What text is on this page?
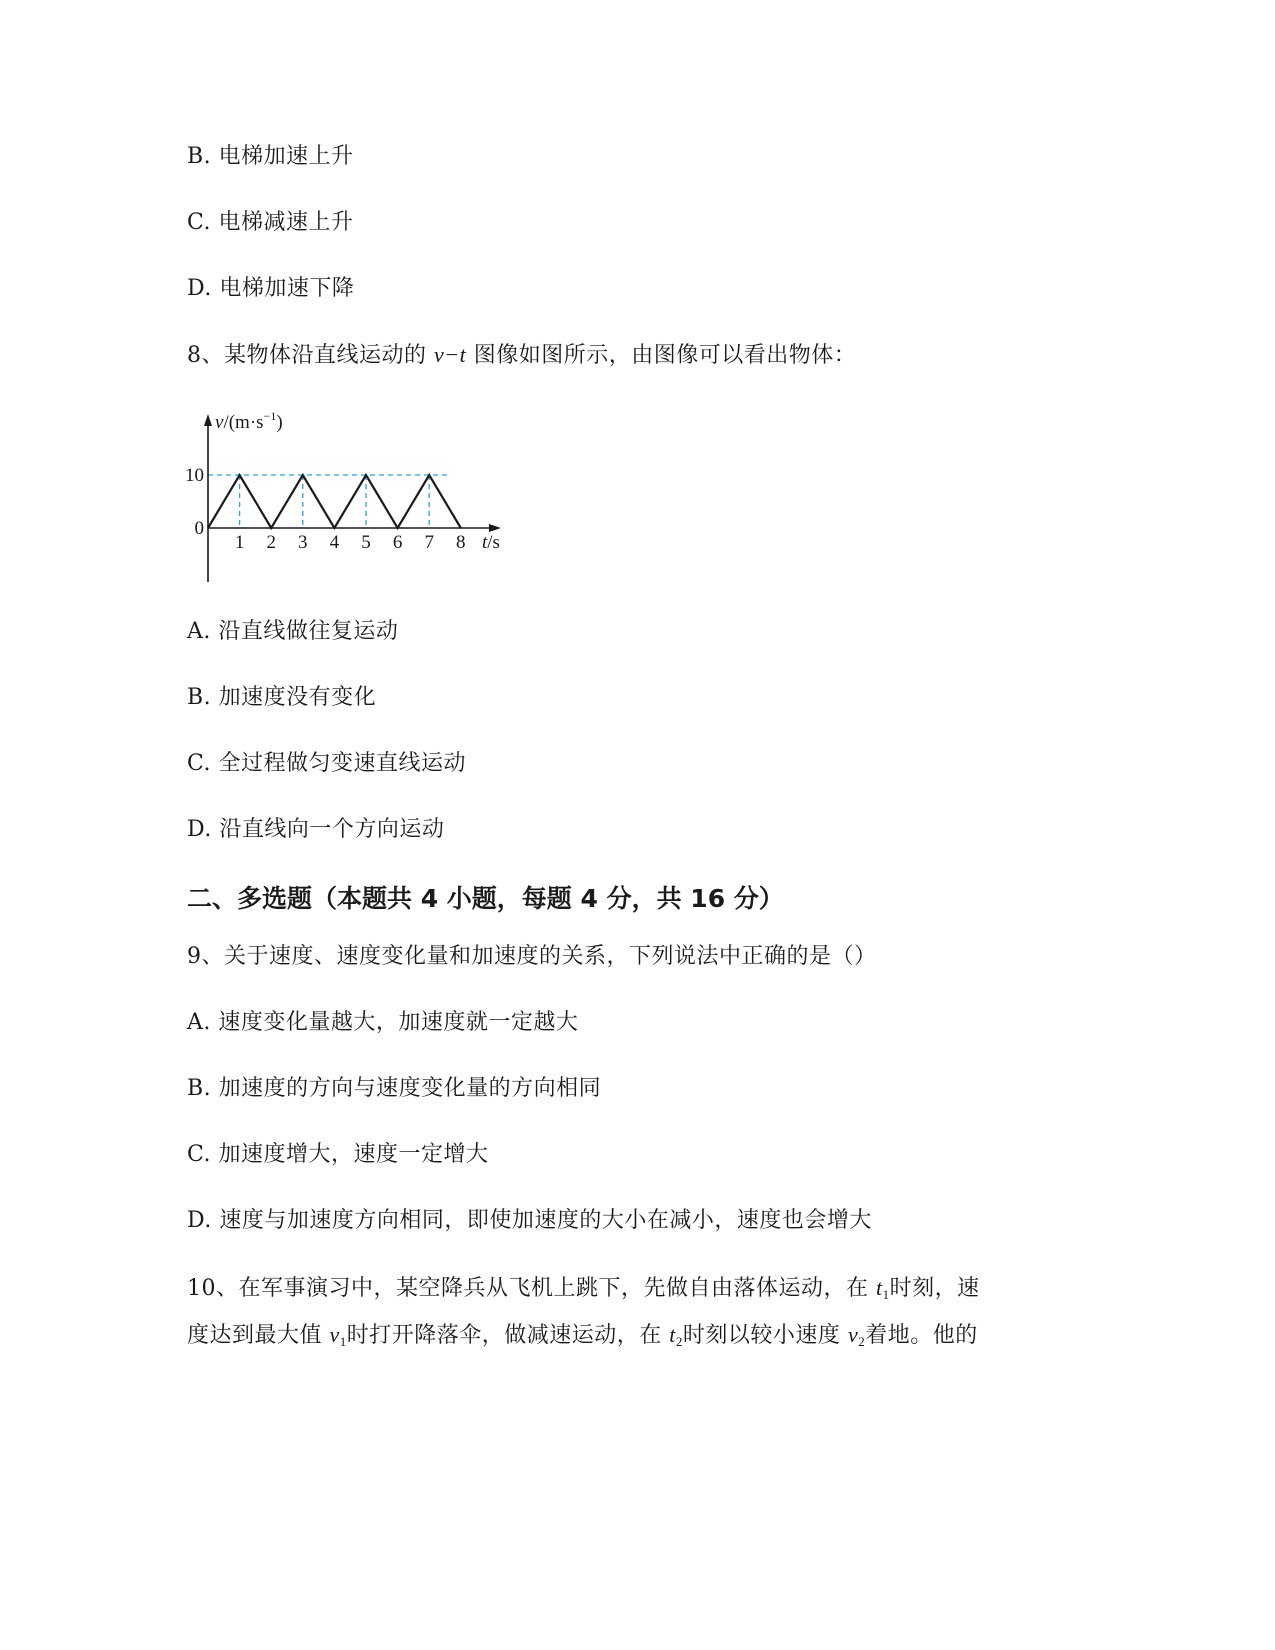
B. 电梯加速上升
C. 电梯减速上升
D. 电梯加速下降
8、某物体沿直线运动的 v−t 图像如图所示，由图像可以看出物体：
1 2 3 4 5 6 7 8
10
0
$v/(m\cdot s^{-1})$
t/s
A. 沿直线做往复运动
B. 加速度没有变化
C. 全过程做匀变速直线运动
D. 沿直线向一个方向运动
二、多选题（本题共 4 小题，每题 4 分，共 16 分）
9、关于速度、速度变化量和加速度的关系，下列说法中正确的是（）
A. 速度变化量越大，加速度就一定越大
B. 加速度的方向与速度变化量的方向相同
C. 加速度增大，速度一定增大
D. 速度与加速度方向相同，即使加速度的大小在减小，速度也会增大
10、在军事演习中，某空降兵从飞机上跳下，先做自由落体运动，在 $t_1$时刻，速
度达到最大值 $v_1$时打开降落伞，做减速运动，在 $t_2$时刻以较小速度 $v_2$着地。他的
